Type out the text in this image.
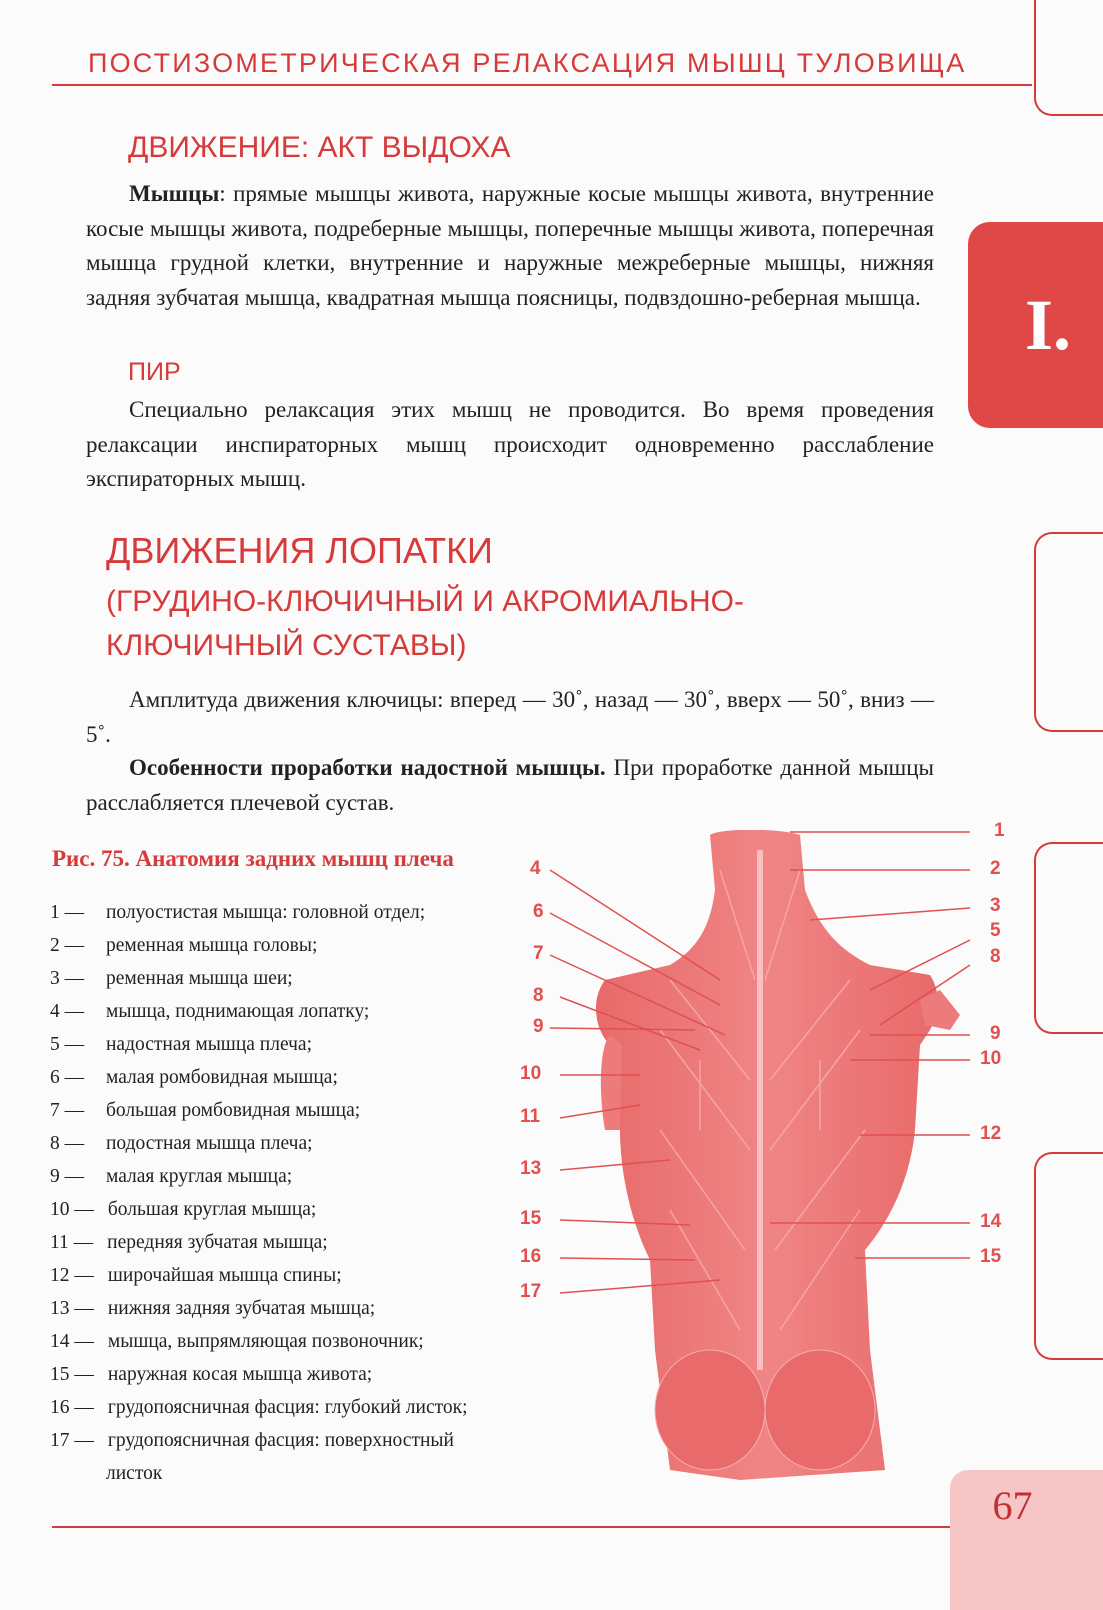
ПОСТИЗОМЕТРИЧЕСКАЯ РЕЛАКСАЦИЯ МЫШЦ ТУЛОВИЩА
I.
ДВИЖЕНИЕ: АКТ ВЫДОХА

Мышцы: прямые мышцы живота, наружные косые мышцы живота, внутренние косые мышцы живота, подреберные мышцы, поперечные мышцы живота, поперечная мышца грудной клетки, внутренние и наружные межреберные мышцы, нижняя задняя зубчатая мышца, квадратная мышца поясницы, подвздошно-реберная мышца.

ПИР

Специально релаксация этих мышц не проводится. Во время проведения релаксации инспираторных мышц происходит одновременно расслабление экспираторных мышц.

ДВИЖЕНИЯ ЛОПАТКИ
(ГРУДИНО-КЛЮЧИЧНЫЙ И АКРОМИАЛЬНО-
КЛЮЧИЧНЫЙ СУСТАВЫ)

Амплитуда движения ключицы: вперед — 30˚, назад — 30˚, вверх — 50˚, вниз — 5˚.

Особенности проработки надостной мышцы. При проработке данной мышцы расслабляется плечевой сустав.

Рис. 75. Анатомия задних мышц плеча

1 — полуостистая мышца: головной отдел;
2 — ременная мышца головы;
3 — ременная мышца шеи;
4 — мышца, поднимающая лопатку;
5 — надостная мышца плеча;
6 — малая ромбовидная мышца;
7 — большая ромбовидная мышца;
8 — подостная мышца плеча;
9 — малая круглая мышца;
10 — большая круглая мышца;
11 — передняя зубчатая мышца;
12 — широчайшая мышца спины;
13 — нижняя задняя зубчатая мышца;
14 — мышца, выпрямляющая позвоночник;
15 — наружная косая мышца живота;
16 — грудопоясничная фасция: глубокий листок;
17 — грудопоясничная фасция: поверхностный
листок
4
6
7
8
9
10
11
13
15
16
17
1
2
3
5
8
9
10
12
14
15
67
